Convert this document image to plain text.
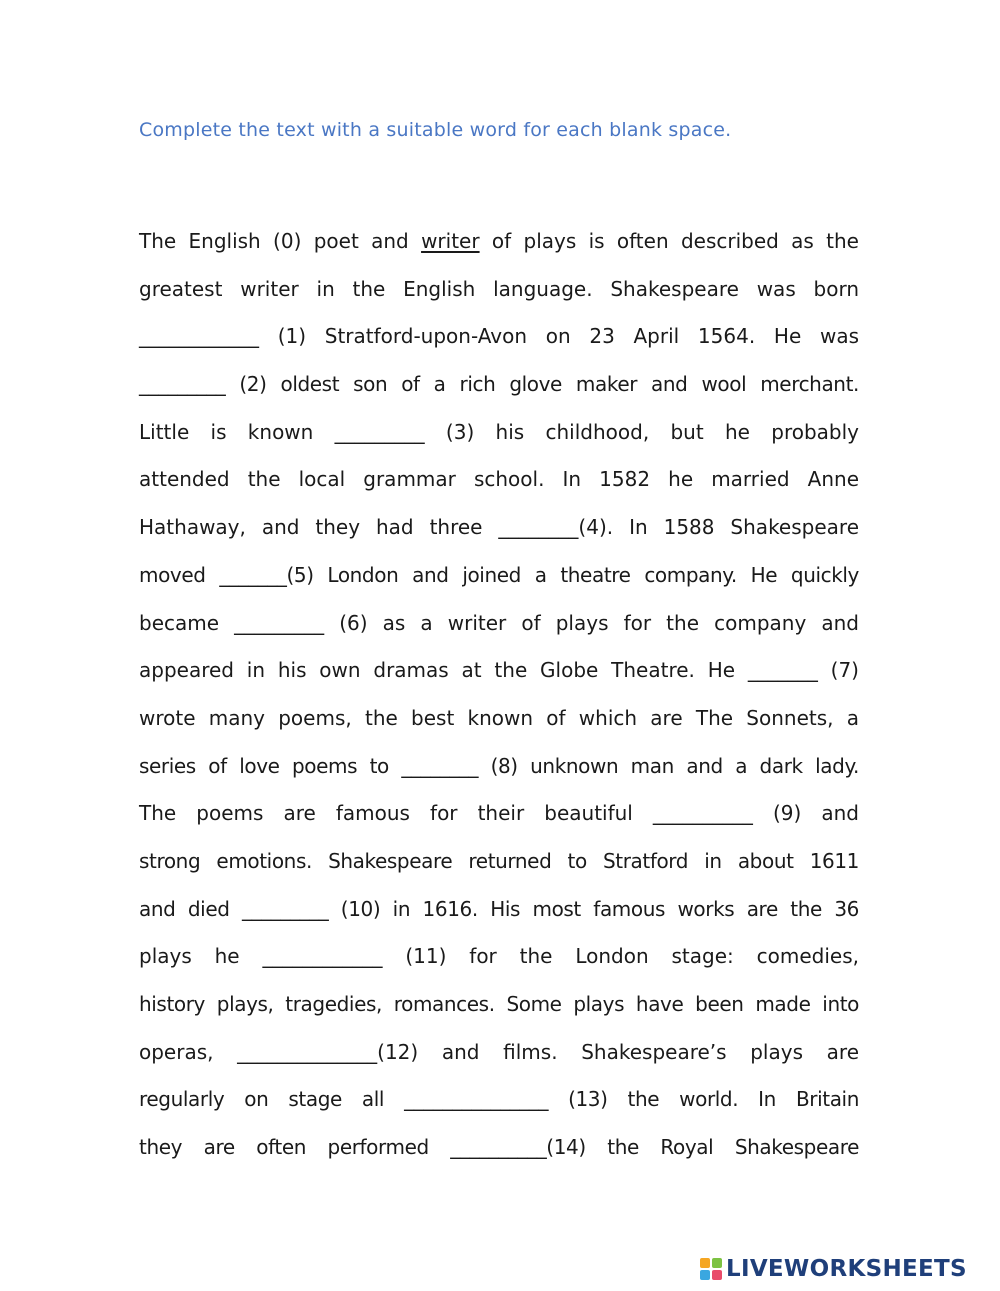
Complete the text with a suitable word for each blank space.
The English (0) poet and writer of plays is often described as the
greatest writer in the English language. Shakespeare was born
____________ (1) Stratford-upon-Avon on 23 April 1564. He was
_________ (2) oldest son of a rich glove maker and wool merchant.
Little is known _________ (3) his childhood, but he probably
attended the local grammar school. In 1582 he married Anne
Hathaway, and they had three ________(4). In 1588 Shakespeare
moved _______(5) London and joined a theatre company. He quickly
became _________ (6) as a writer of plays for the company and
appeared in his own dramas at the Globe Theatre. He _______ (7)
wrote many poems, the best known of which are The Sonnets, a
series of love poems to ________ (8) unknown man and a dark lady.
The poems are famous for their beautiful __________ (9) and
strong emotions. Shakespeare returned to Stratford in about 1611
and died _________ (10) in 1616. His most famous works are the 36
plays he ____________ (11) for the London stage: comedies,
history plays, tragedies, romances. Some plays have been made into
operas, ______________(12) and films. Shakespeare’s plays are
regularly on stage all _______________ (13) the world. In Britain
they are often performed __________(14) the Royal Shakespeare
LIVEWORKSHEETS
